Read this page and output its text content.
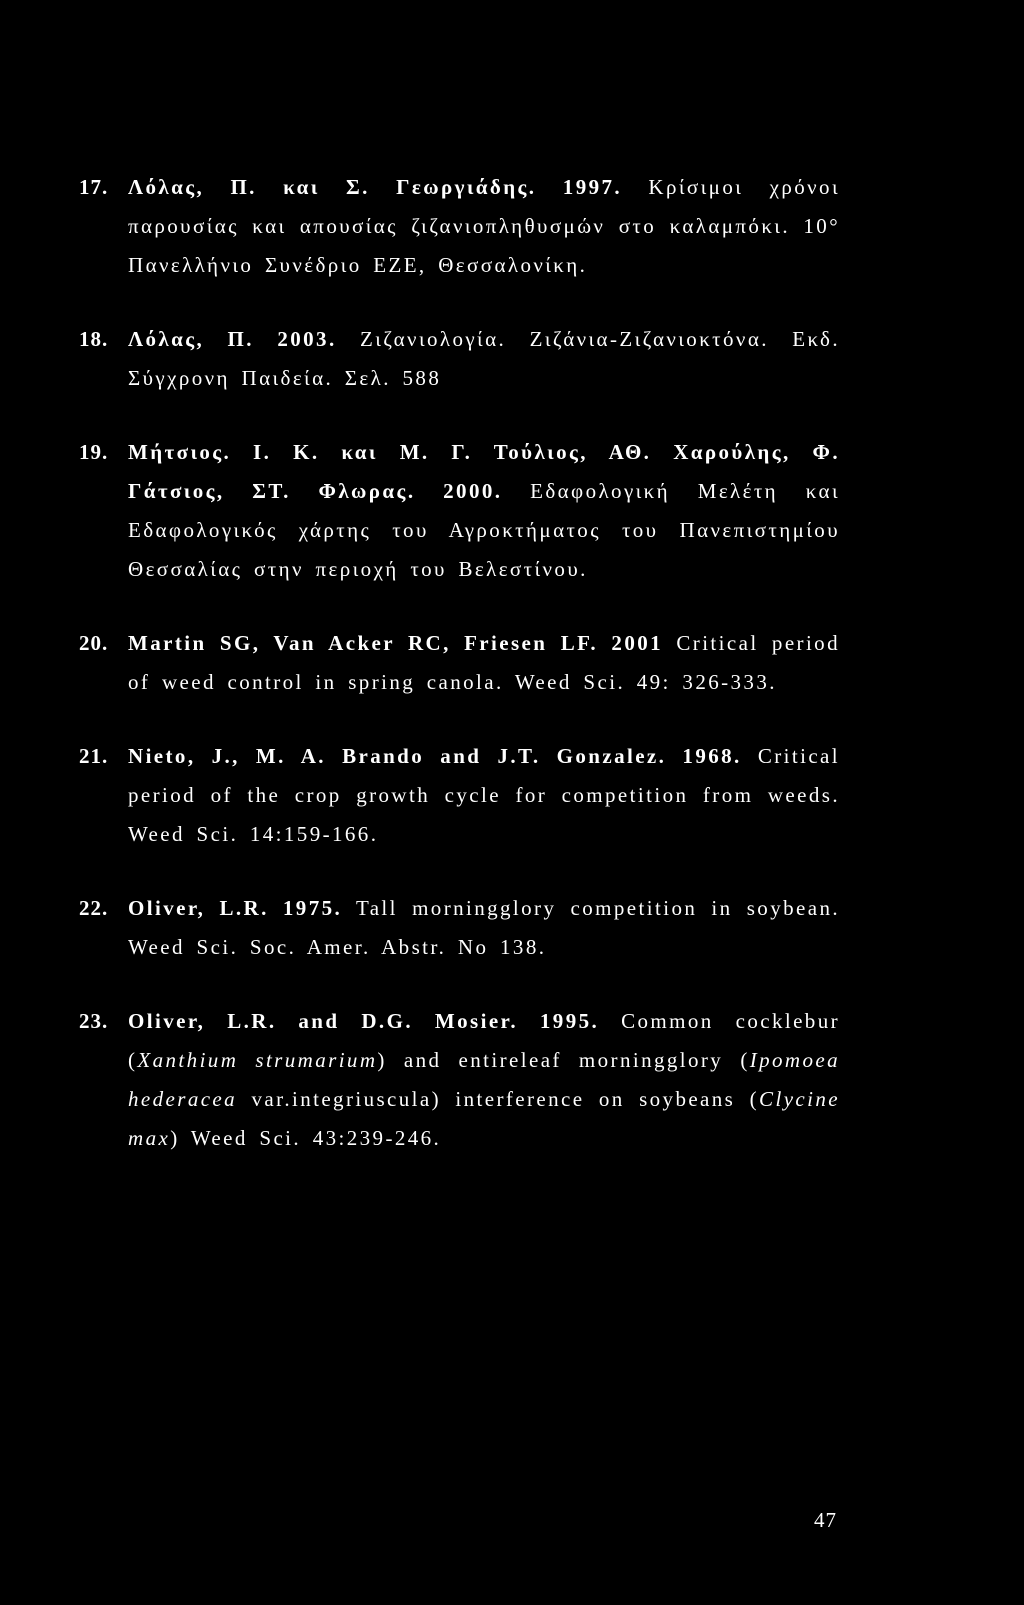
17. Λόλας, Π. και Σ. Γεωργιάδης. 1997. Κρίσιμοι χρόνοι παρουσίας και απουσίας ζιζανιοπληθυσμών στο καλαμπόκι. 10° Πανελλήνιο Συνέδριο ΕΖΕ, Θεσσαλονίκη.
18. Λόλας, Π. 2003. Ζιζανιολογία. Ζιζάνια-Ζιζανιοκτόνα. Εκδ. Σύγχρονη Παιδεία. Σελ. 588
19. Μήτσιος. Ι. Κ. και Μ. Γ. Τούλιος, ΑΘ. Χαρούλης, Φ. Γάτσιος, ΣΤ. Φλωρας. 2000. Εδαφολογική Μελέτη και Εδαφολογικός χάρτης του Αγροκτήματος του Πανεπιστημίου Θεσσαλίας στην περιοχή του Βελεστίνου.
20. Martin SG, Van Acker RC, Friesen LF. 2001 Critical period of weed control in spring canola. Weed Sci. 49: 326-333.
21. Nieto, J., M. A. Brando and J.T. Gonzalez. 1968. Critical period of the crop growth cycle for competition from weeds. Weed Sci. 14:159-166.
22. Oliver, L.R. 1975. Tall morningglory competition in soybean. Weed Sci. Soc. Amer. Abstr. No 138.
23. Oliver, L.R. and D.G. Mosier. 1995. Common cocklebur (Xanthium strumarium) and entireleaf morningglory (Ipomoea hederacea var.integriuscula) interference on soybeans (Clycine max) Weed Sci. 43:239-246.
47
